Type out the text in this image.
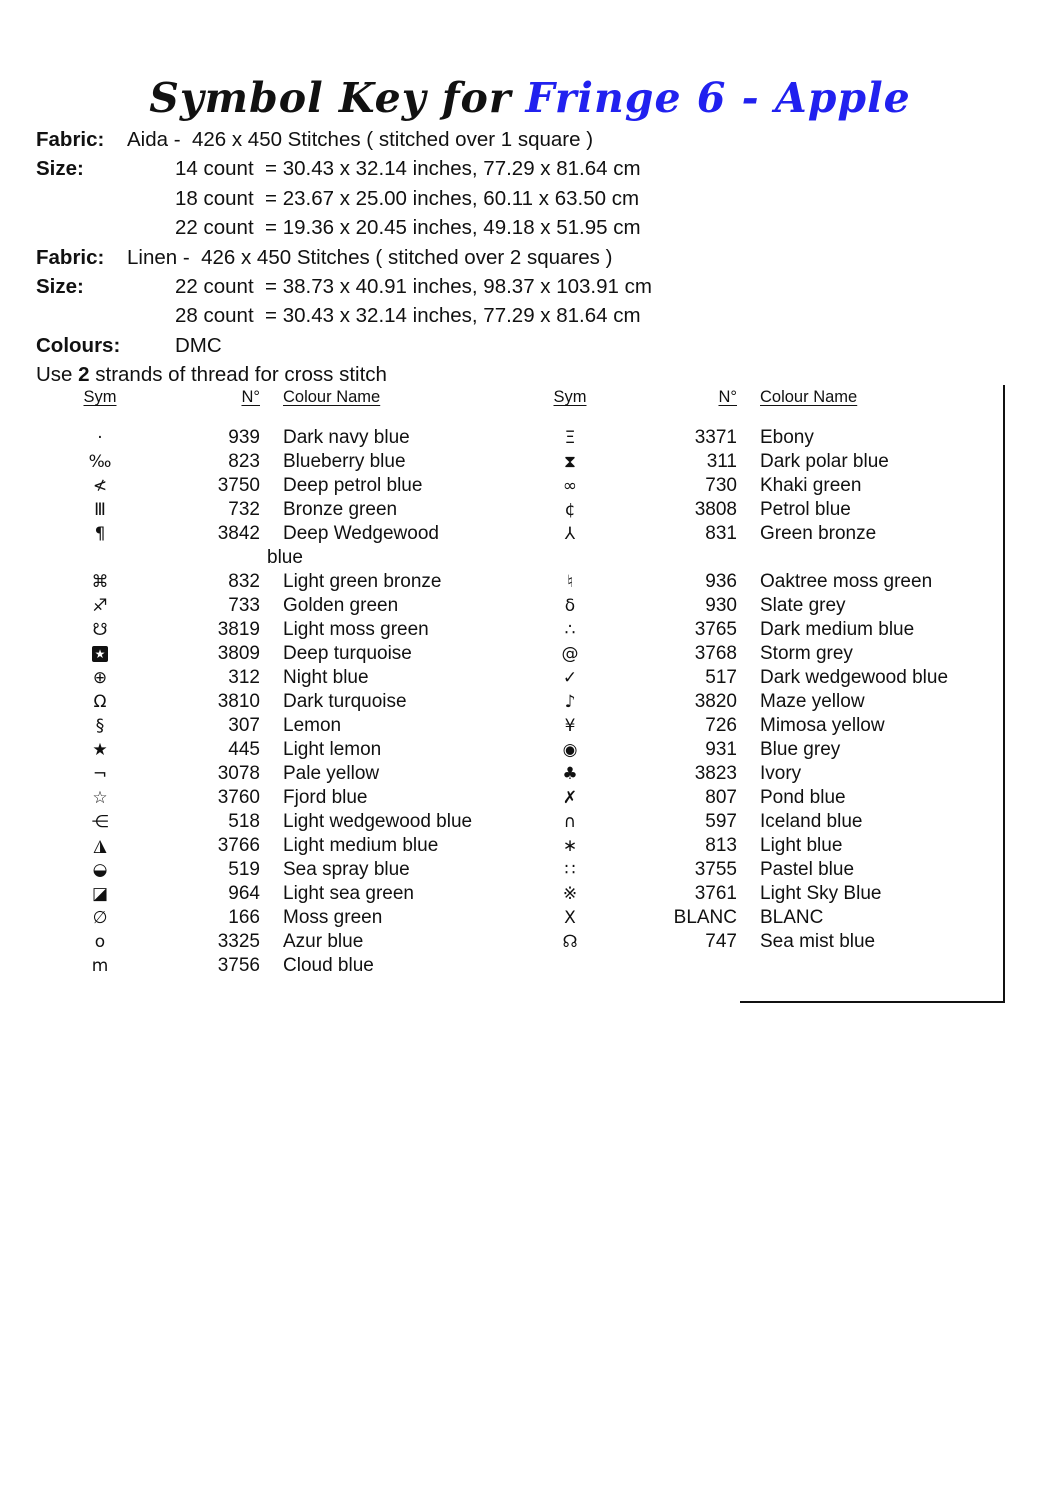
Symbol Key for Fringe 6 - Apple
Fabric:	Aida -  426 x 450 Stitches ( stitched over 1 square )
Size:	14 count  = 30.43 x 32.14 inches, 77.29 x 81.64 cm
18 count  = 23.67 x 25.00 inches, 60.11 x 63.50 cm
22 count  = 19.36 x 20.45 inches, 49.18 x 51.95 cm
Fabric:	Linen -  426 x 450 Stitches ( stitched over 2 squares )
Size:	22 count  = 38.73 x 40.91 inches, 98.37 x 103.91 cm
28 count  = 30.43 x 32.14 inches, 77.29 x 81.64 cm
Colours:	DMC
Use 2 strands of thread for cross stitch
Sym	N°	Colour Name	Sym	N°	Colour Name
·	939	Dark navy blue	Ξ	3371	Ebony
‰	823	Blueberry blue	⧗	311	Dark polar blue
≮	3750	Deep petrol blue	∞	730	Khaki green
Ⅲ	732	Bronze green	¢	3808	Petrol blue
¶	3842	Deep Wedgewood	⅄	831	Green bronze
blue
⌘	832	Light green bronze	♮	936	Oaktree moss green
♐	733	Golden green	δ	930	Slate grey
☋	3819	Light moss green	∴	3765	Dark medium blue
★	3809	Deep turquoise	@	3768	Storm grey
⊕	312	Night blue	✓	517	Dark wedgewood blue
Ω	3810	Dark turquoise	♪	3820	Maze yellow
§	307	Lemon	¥	726	Mimosa yellow
★	445	Light lemon	◉	931	Blue grey
¬	3078	Pale yellow	♣	3823	Ivory
☆	3760	Fjord blue	✗	807	Pond blue
⋲	518	Light wedgewood blue	∩	597	Iceland blue
◮	3766	Light medium blue	∗	813	Light blue
◒	519	Sea spray blue	∷	3755	Pastel blue
◪	964	Light sea green	※	3761	Light Sky Blue
∅	166	Moss green	X	BLANC	BLANC
o	3325	Azur blue	☊	747	Sea mist blue
m	3756	Cloud blue
